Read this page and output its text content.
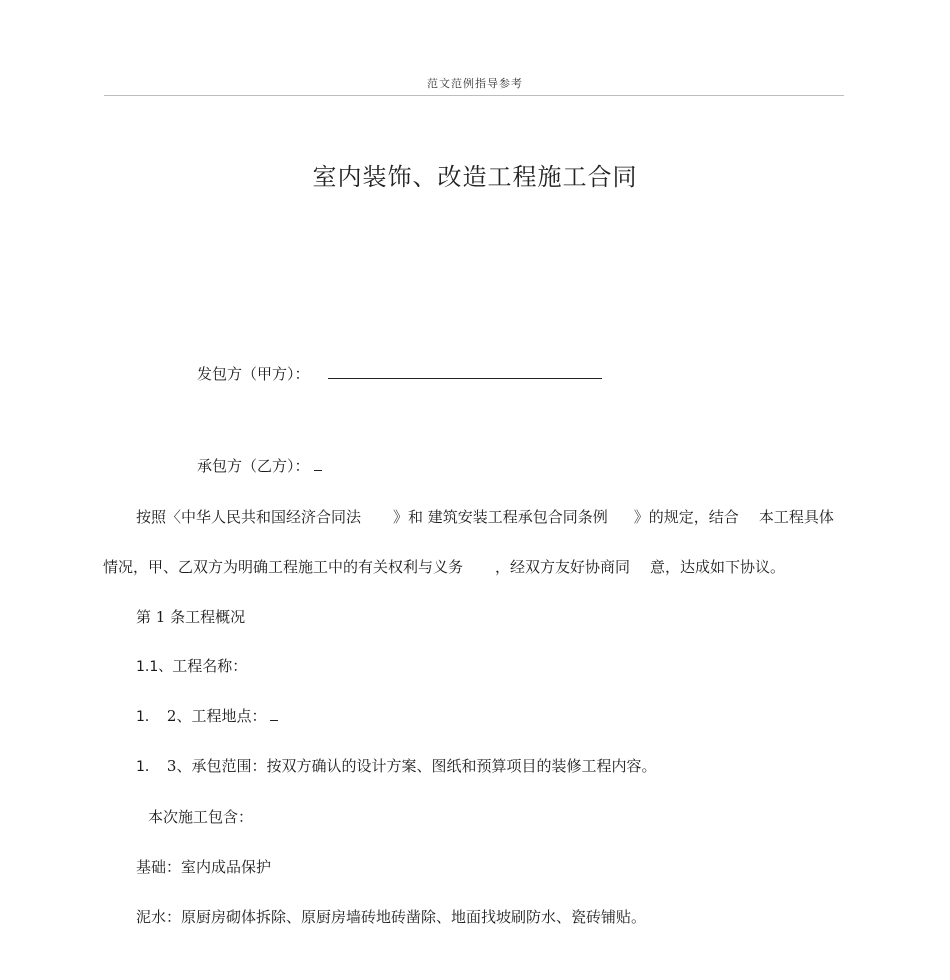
范文范例指导参考
室内装饰、改造工程施工合同
发包方（甲方）：
承包方（乙方）：
按照〈中华人民共和国经济合同法 》和 建筑安装工程承包合同条例 》的规定，结合 本工程具体
情况，甲、乙双方为明确工程施工中的有关权利与义务 ，经双方友好协商同 意，达成如下协议。
第 1 条工程概况
1.1、工程名称：
1． 2、工程地点：
1． 3、承包范围：按双方确认的设计方案、图纸和预算项目的装修工程内容。
本次施工包含：
基础：室内成品保护
泥水：原厨房砌体拆除、原厨房墙砖地砖凿除、地面找坡刷防水、瓷砖铺贴。
